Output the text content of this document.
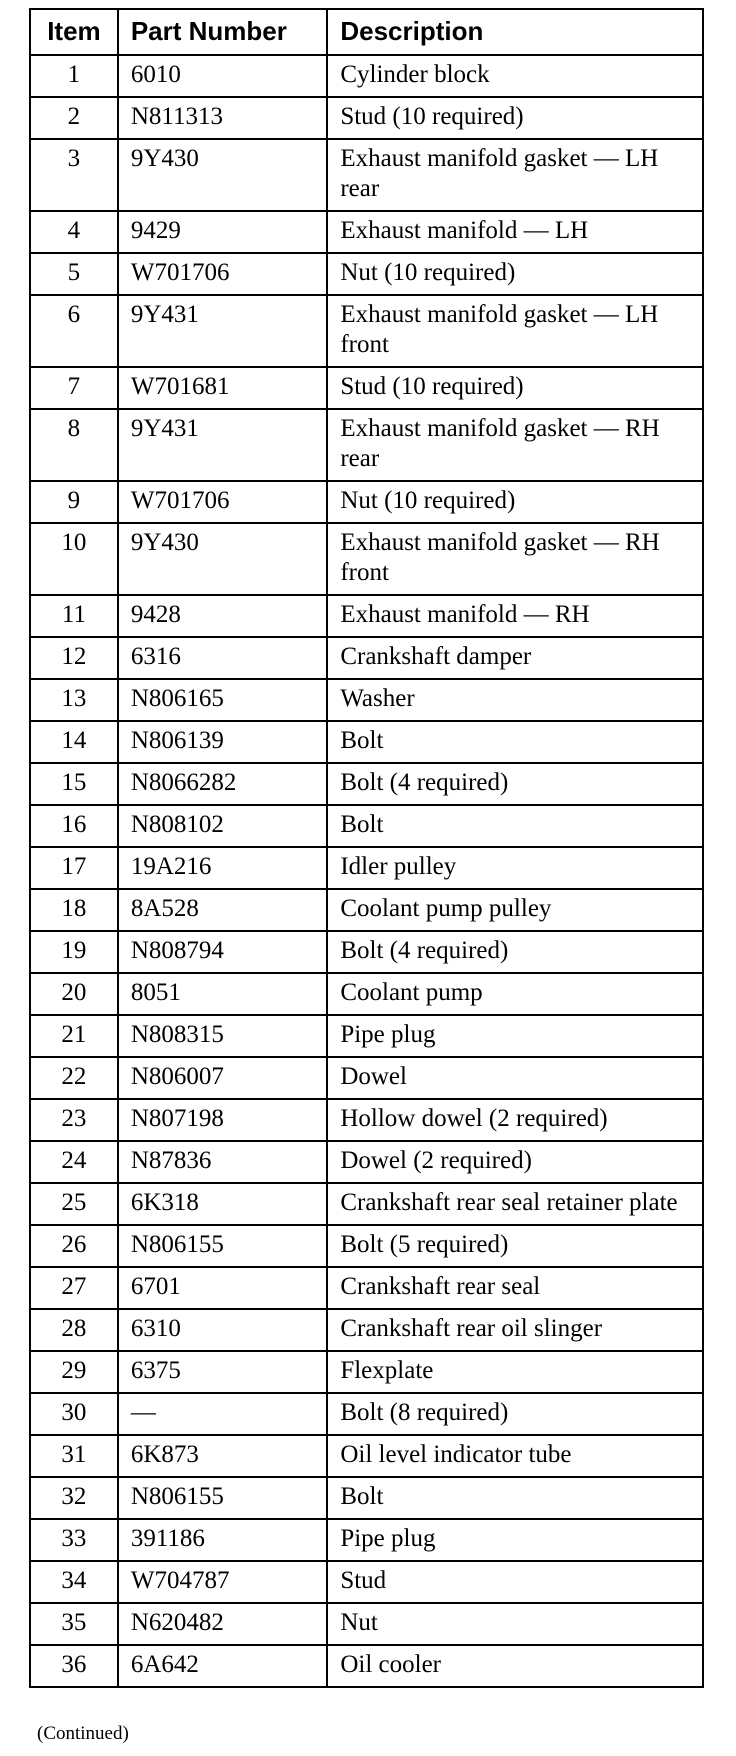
Item	Part Number	Description
1	6010	Cylinder block
2	N811313	Stud (10 required)
3	9Y430	Exhaust manifold gasket — LH rear
4	9429	Exhaust manifold — LH
5	W701706	Nut (10 required)
6	9Y431	Exhaust manifold gasket — LH front
7	W701681	Stud (10 required)
8	9Y431	Exhaust manifold gasket — RH rear
9	W701706	Nut (10 required)
10	9Y430	Exhaust manifold gasket — RH front
11	9428	Exhaust manifold — RH
12	6316	Crankshaft damper
13	N806165	Washer
14	N806139	Bolt
15	N8066282	Bolt (4 required)
16	N808102	Bolt
17	19A216	Idler pulley
18	8A528	Coolant pump pulley
19	N808794	Bolt (4 required)
20	8051	Coolant pump
21	N808315	Pipe plug
22	N806007	Dowel
23	N807198	Hollow dowel (2 required)
24	N87836	Dowel (2 required)
25	6K318	Crankshaft rear seal retainer plate
26	N806155	Bolt (5 required)
27	6701	Crankshaft rear seal
28	6310	Crankshaft rear oil slinger
29	6375	Flexplate
30	—	Bolt (8 required)
31	6K873	Oil level indicator tube
32	N806155	Bolt
33	391186	Pipe plug
34	W704787	Stud
35	N620482	Nut
36	6A642	Oil cooler
(Continued)
